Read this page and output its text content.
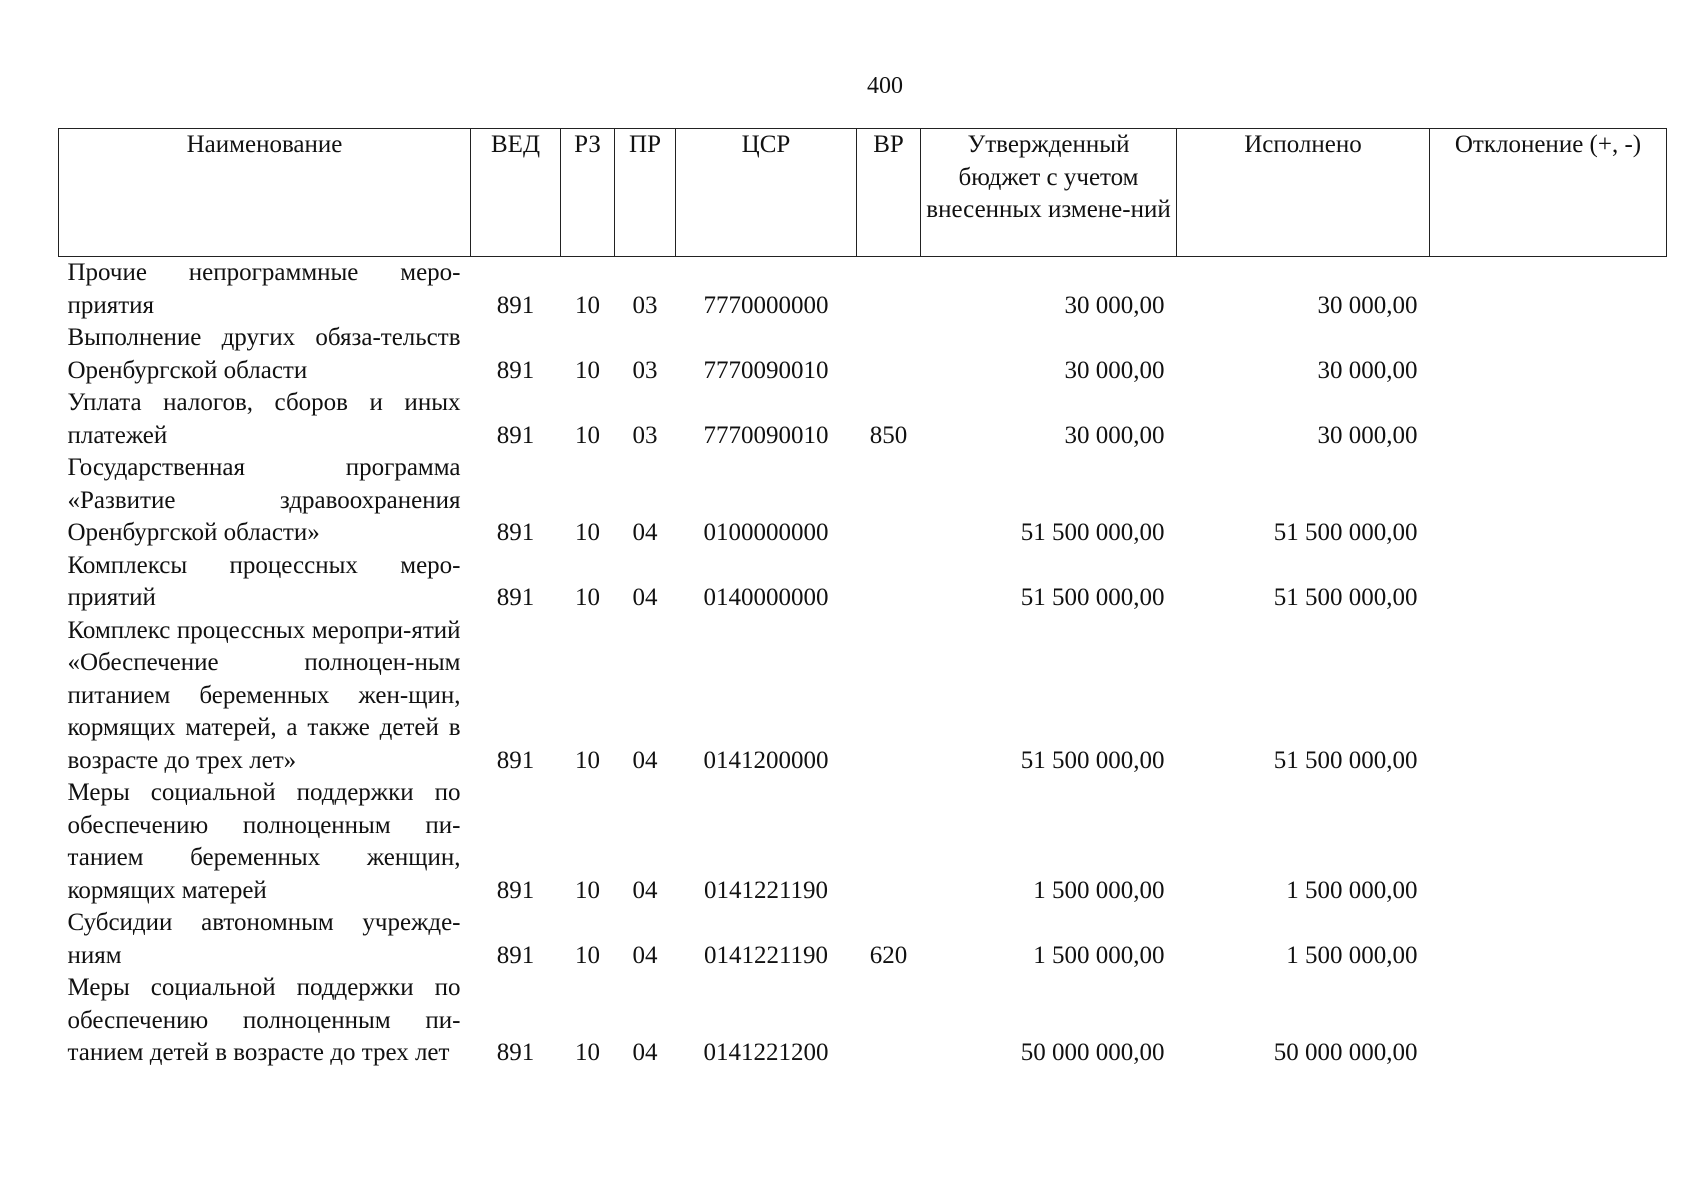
400
Наименование	ВЕД	РЗ	ПР	ЦСР	ВР	Утвержденный бюджет с учетом внесенных измене-ний	Исполнено	Отклонение (+, -)
Прочие непрограммные меро-приятия	891	10	03	7770000000		30 000,00	30 000,00	
Выполнение других обяза-тельств Оренбургской области	891	10	03	7770090010		30 000,00	30 000,00	
Уплата налогов, сборов и иных платежей	891	10	03	7770090010	850	30 000,00	30 000,00	
Государственная программа «Развитие здравоохранения Оренбургской области»	891	10	04	0100000000		51 500 000,00	51 500 000,00	
Комплексы процессных меро-приятий	891	10	04	0140000000		51 500 000,00	51 500 000,00	
Комплекс процессных меропри-ятий «Обеспечение полноцен-ным питанием беременных жен-щин, кормящих матерей, а также детей в возрасте до трех лет»	891	10	04	0141200000		51 500 000,00	51 500 000,00	
Меры социальной поддержки по обеспечению полноценным пи-танием беременных женщин, кормящих матерей	891	10	04	0141221190		1 500 000,00	1 500 000,00	
Субсидии автономным учрежде-ниям	891	10	04	0141221190	620	1 500 000,00	1 500 000,00	
Меры социальной поддержки по обеспечению полноценным пи-танием детей в возрасте до трех лет	891	10	04	0141221200		50 000 000,00	50 000 000,00	
